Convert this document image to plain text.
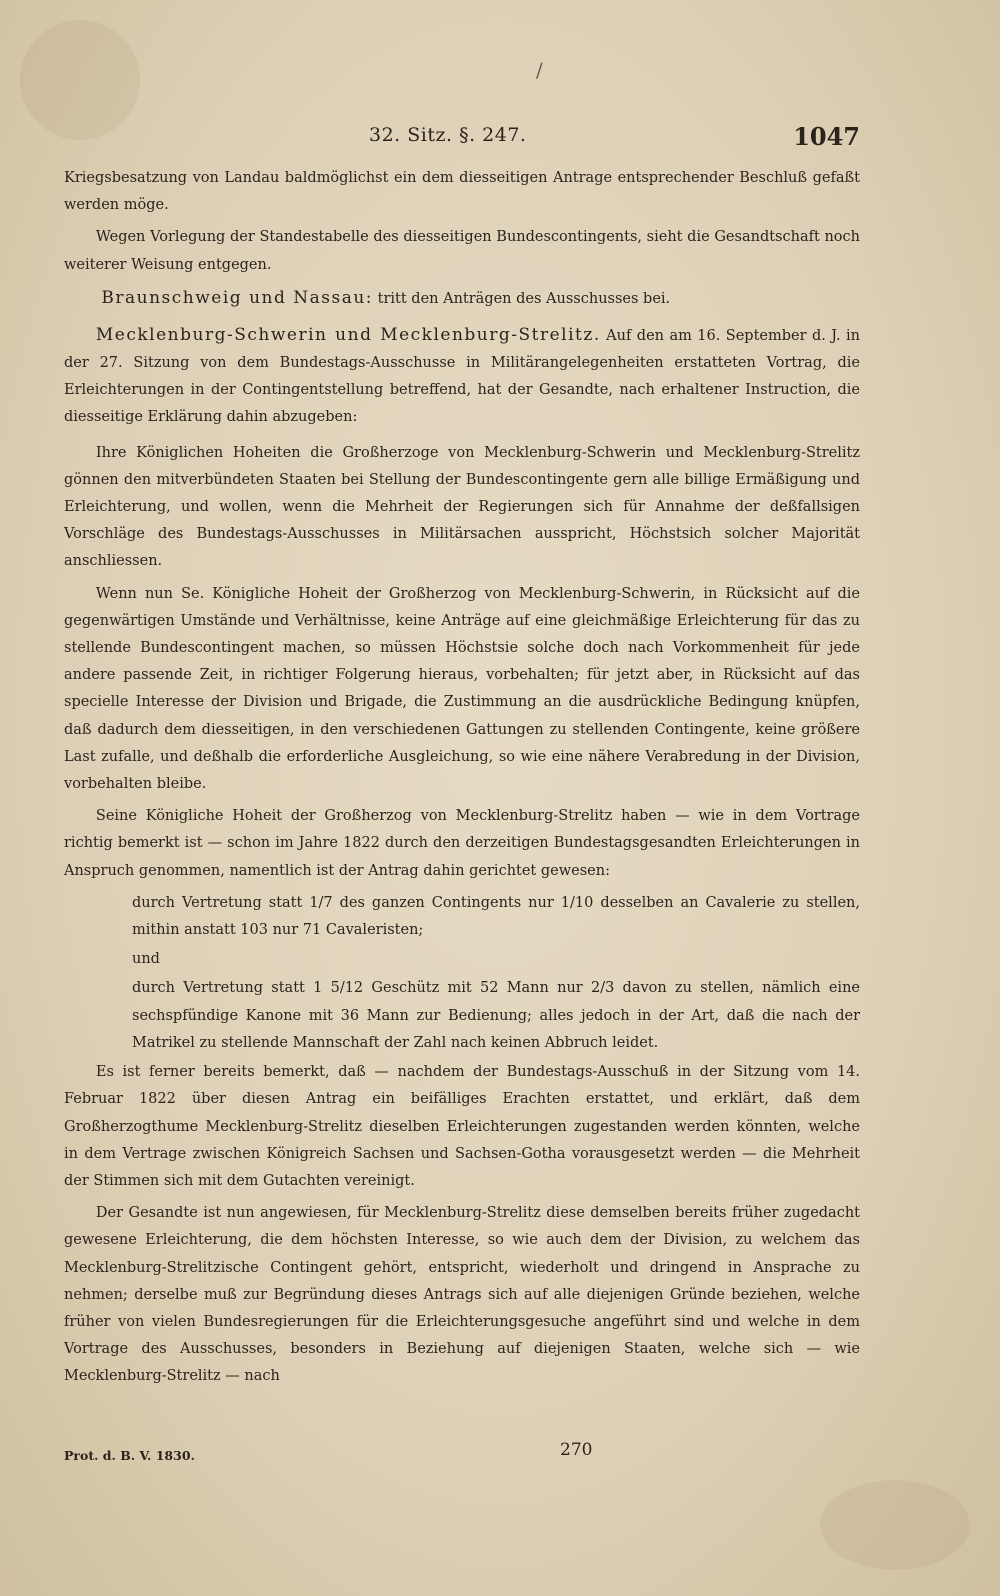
/
32. Sitz. §. 247.	1047

Kriegsbesatzung von Landau baldmöglichst ein dem diesseitigen Antrage entsprechender Beschluß gefaßt werden möge.

Wegen Vorlegung der Standestabelle des diesseitigen Bundescontingents, sieht die Gesandtschaft noch weiterer Weisung entgegen.

Braunschweig und Nassau: tritt den Anträgen des Ausschusses bei.

Mecklenburg-Schwerin und Mecklenburg-Strelitz. Auf den am 16. September d. J. in der 27. Sitzung von dem Bundestags-Ausschusse in Militärangelegenheiten erstatteten Vortrag, die Erleichterungen in der Contingentstellung betreffend, hat der Gesandte, nach erhaltener Instruction, die diesseitige Erklärung dahin abzugeben:

Ihre Königlichen Hoheiten die Großherzoge von Mecklenburg-Schwerin und Mecklenburg-Strelitz gönnen den mitverbündeten Staaten bei Stellung der Bundescontingente gern alle billige Ermäßigung und Erleichterung, und wollen, wenn die Mehrheit der Regierungen sich für Annahme der deßfallsigen Vorschläge des Bundestags-Ausschusses in Militärsachen ausspricht, Höchstsich solcher Majorität anschliessen.

Wenn nun Se. Königliche Hoheit der Großherzog von Mecklenburg-Schwerin, in Rücksicht auf die gegenwärtigen Umstände und Verhältnisse, keine Anträge auf eine gleichmäßige Erleichterung für das zu stellende Bundescontingent machen, so müssen Höchstsie solche doch nach Vorkommenheit für jede andere passende Zeit, in richtiger Folgerung hieraus, vorbehalten; für jetzt aber, in Rücksicht auf das specielle Interesse der Division und Brigade, die Zustimmung an die ausdrückliche Bedingung knüpfen, daß dadurch dem diesseitigen, in den verschiedenen Gattungen zu stellenden Contingente, keine größere Last zufalle, und deßhalb die erforderliche Ausgleichung, so wie eine nähere Verabredung in der Division, vorbehalten bleibe.

Seine Königliche Hoheit der Großherzog von Mecklenburg-Strelitz haben — wie in dem Vortrage richtig bemerkt ist — schon im Jahre 1822 durch den derzeitigen Bundestagsgesandten Erleichterungen in Anspruch genommen, namentlich ist der Antrag dahin gerichtet gewesen:

durch Vertretung statt 1/7 des ganzen Contingents nur 1/10 desselben an Cavalerie zu stellen, mithin anstatt 103 nur 71 Cavaleristen;

und

durch Vertretung statt 1 5/12 Geschütz mit 52 Mann nur 2/3 davon zu stellen, nämlich eine sechspfündige Kanone mit 36 Mann zur Bedienung; alles jedoch in der Art, daß die nach der Matrikel zu stellende Mannschaft der Zahl nach keinen Abbruch leidet.

Es ist ferner bereits bemerkt, daß — nachdem der Bundestags-Ausschuß in der Sitzung vom 14. Februar 1822 über diesen Antrag ein beifälliges Erachten erstattet, und erklärt, daß dem Großherzogthume Mecklenburg-Strelitz dieselben Erleichterungen zugestanden werden könnten, welche in dem Vertrage zwischen Königreich Sachsen und Sachsen-Gotha vorausgesetzt werden — die Mehrheit der Stimmen sich mit dem Gutachten vereinigt.

Der Gesandte ist nun angewiesen, für Mecklenburg-Strelitz diese demselben bereits früher zugedacht gewesene Erleichterung, die dem höchsten Interesse, so wie auch dem der Division, zu welchem das Mecklenburg-Strelitzische Contingent gehört, entspricht, wiederholt und dringend in Ansprache zu nehmen; derselbe muß zur Begründung dieses Antrags sich auf alle diejenigen Gründe beziehen, welche früher von vielen Bundesregierungen für die Erleichterungsgesuche angeführt sind und welche in dem Vortrage des Ausschusses, besonders in Beziehung auf diejenigen Staaten, welche sich — wie Mecklenburg-Strelitz — nach

Prot. d. B. V. 1830.	270
